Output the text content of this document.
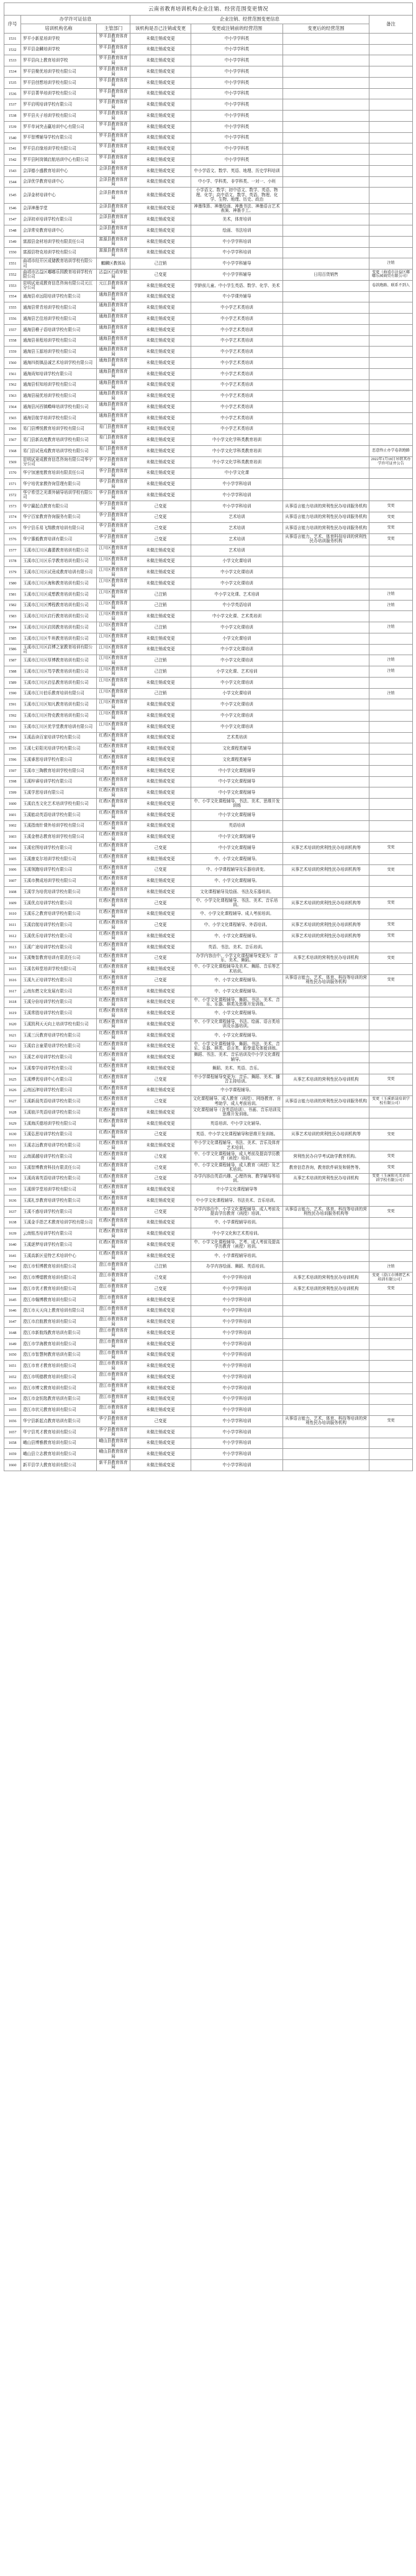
云南省教育培训机构企业注销、经营范围变更情况						
序号	办学许可证信息		企业注销、经营范围变更信息			备注
	培训机构名称	主管部门	该机构是否己注销或变更	变更或注销前的经营范围	变更后的经营范围	
1531	罗平小新星培训学校	罗平县教育体育局	未做注销或变更	中小学学科类		
1532	罗平县金麟培训学校	罗平县教育体育局	未做注销或变更	中小学学科类		
1533	罗平县向上教育培训学校	罗平县教育体育局	未做注销或变更	中小学学科类		
1534	罗平县聚优培训学校有限公司	罗平县教育体育局	未做注销或变更	中小学学科类		
1535	罗平县创想培训学校有限公司	罗平县教育体育局	未做注销或变更	中小学学科类		
1536	罗平县菁华培训学校有限公司	罗平县教育体育局	未做注销或变更	中小学学科类		
1537	罗平启明培训学校有限公司	罗平县教育体育局	未做注销或变更	中小学学科类		
1538	罗平县夫子培训学校有限公司	罗平县教育体育局	未做注销或变更	中小学学科类		
1539	罗平单词突击赢培训中心有限公司	罗平县教育体育局	未做注销或变更	中小学学科类		
1540	罗平智博辅导学校有限公司	罗平县教育体育局	未做注销或变更	中小学学科类		
1541	罗平县启缘培训学校有限公司	罗平县教育体育局	未做注销或变更	中小学学科类		
1542	罗平县阿岗镇启航培训中心有限公司	罗平县教育体育局	未做注销或变更	中小学学科类		
1543	会泽德小盛教育培训中心	会泽县教育体育局	未做注销或变更	中小学语文、数学、英语、地理、历史学科培训		
1544	会泽优学教育培训中心	会泽县教育体育局	未做注销或变更	中小学、学科类、非学科类、一对一、小班		
1545	会泽金材培训中心	会泽县教育体育局	未做注销或变更	小学语文、数学；初中语文、数学、英语、物理、化学；高中语文、数学、英语、物理、化学、生物、地理、历史、政治		
1546	会泽神墨学堂	会泽县教育体育局	未做注销或变更	神墨珠算、神墨绘画、神墨书法、神墨语言艺术表演、神墨手工。		
1547	会泽初卓培训学校有限公司	会泽县教育体育局	未做注销或变更	美术，体育培训		
1548	会泽常安教育培训中心	会泽县教育体育局	未做注销或变更	绘画、书法培训		
1549	富源县金材培训学校有限责任公司	富源县教育体育局	未做注销或变更	中小学学科培训		
1550	富源县特克培训学校有限公司	富源县教育体育局	未做注销或变更	中小学学科培训		
1551	曲靖市经开区成储教育培训学校有限公司	麒麟区教体局	己注销	中小学学科辅导		注销
1552	曲靖市沾益区嘟嘟乐园教育培训学校有限公司	沾益区行政审批局	己变更	中小学学科辅导	日用百货销售	变更（曲靖市沾益区嘟嘟乐园商贸有限公司）
1553	昆明试竟成教育信息咨询有限公司元江分公司	元江县教育体育局	未做注销或变更	学龄前儿童、中小学生英语、数学、化学、美术		卷款跑路、联系不到人
1554	通海县卓远阳培训学校有限公司	通海县教育体育局	未做注销或变更	中小学课外辅导		
1555	通海县常青培训学校有限公司	通海县教育体育局	未做注销或变更	中小学艺术类培训		
1556	通海县艺佳培训学校有限公司	通海县教育体育局	未做注销或变更	中小学艺术类培训		
1557	通海县稚子语培训学校有限公司	通海县教育体育局	未做注销或变更	中小学艺术类培训		
1558	通海县景程培训学校有限公司	通海县教育体育局	未做注销或变更	中小学艺术类培训		
1559	通海县玉源培训学校有限公司	通海县教育体育局	未做注销或变更	中小学艺术类培训		
1560	通海四街镇品诚艺术培训学校有限公司	通海县教育体育局	未做注销或变更	中小学艺术类培训		
1561	通海尚知培训学校有限公司	通海县教育体育局	未做注销或变更	中小学艺术类培训		
1562	通海县恒知培训学校有限公司	通海县教育体育局	未做注销或变更	中小学艺术类培训		
1563	通海县展优培训学校有限公司	通海县教育体育局	未做注销或变更	中小学艺术类培训		
1564	通海县河西镇蝶峰培训学校有限公司	通海县教育体育局	未做注销或变更	中小学艺术类培训		
1565	通海县航学培训学校有限公司	通海县教育体育局	未做注销或变更	中小学艺术类培训		
1566	易门县博悦教育培训学校有限公司	易门县教育体育局	未做注销或变更	中小学艺术类培训		
1567	易门县新高度教育培训学校有限公司	易门县教育体育局	未做注销或变更	中小学文化学科类教育培训		
1568	易门县试竟成教育培训学校有限公司	易门县教育体育局	未做注销或变更	中小学文化学科类教育培训		恶意终止办学卷款跑路
1569	昆明试竟成教育信息咨询有限公司华宁分公司	华宁县教育体育局	未做注销或变更	中小学文化学科类教育培训		2022年1月18日吊销其办学许可证并公告
1570	华宁加速度教育培训有限责任公司	华宁县教育体育局	未做注销或变更	中小学文化课		
1571	华宁培优家教咨询管理有限公司	华宁县教育体育局	未做注销或变更	中小学学科培训		
1572	华宁希望之光课外辅导培训学校有限公司	华宁县教育体育局	未做注销或变更	中小学学科培训		
1573	华宁赢起点教育有限公司	华宁县教育体育局	己变更	中小学学科培训	从事语言能力培训的营利性民办培训服务机构	变更
1574	华宁百家教育咨询服务有限公司	华宁县教育体育局	己变更	艺术培训	从事语言能力培训的营利性民办培训服务机构	变更
1575	华宁县乐易飞翔教育培训有限公司	华宁县教育体育局	己变更	艺术培训	从事语言能力培训的营利性民办培训服务机构	变更
1576	华宁惠毅教育培训有限公司	华宁县教育体育局	己变更	艺术培训	从事语言能力、艺术、体育科技培训的营利性民办培训服务机构	变更
1577	玉溪市江川区鑫蕾教育培训有限公司	江川区教育体育局	未做注销或变更	艺术培训		
1578	玉溪市江川区乐学教育培训有限公司	江川区教育体育局	未做注销或变更	小学文化课培训		
1579	玉溪市江川区试竟成教育培训有限公司	江川区教育体育局	未做注销或变更	中小学文化课培训		
1580	玉溪市江川区海和教育培训有限公司	江川区教育体育局	未做注销或变更	中小学文化课培训		
1581	玉溪市江川区成想教育培训有限公司	江川区教育体育局	己注销	中小学文化课、艺术培训		注销
1582	玉溪市江川区博程教育培训有限公司	江川区教育体育局	己注销	中小学英语培训		注销
1583	玉溪市江川区启行教育培训有限公司	江川区教育体育局	未做注销或变更	中小学文化课、艺术类培训		
1584	玉溪市江川区启园教育培训有限公司	江川区教育体育局	己注销	中小学文化课培训		注销
1585	玉溪市江川区牛班教育培训有限公司	江川区教育体育局	未做注销或变更	小学文化课培训		
1586	玉溪市江川区启博之家教育培训有限公司	江川区教育体育局	未做注销或变更	中小学文化课培训		
1587	玉溪市江川区厚博教育培训有限公司	江川区教育体育局	己注销	中小学文化课培训		注销
1588	玉溪市江川区笃学教育培训有限公司	江川区教育体育局	己注销	小学文化课、艺术培训		注销
1589	玉溪市江川区启弘教育培训有限公司	江川区教育体育局	未做注销或变更	中小学文化课培训		
1590	玉溪市江川伯乐教育培训有限公司	江川区教育体育局	己注销	小学文化课培训		注销
1591	玉溪市江川区知凡教育培训有限公司	江川区教育体育局	未做注销或变更	中小学文化课培训		
1592	玉溪市江川区特克教育培训有限公司	江川区教育体育局	未做注销或变更	中小学文化课培训		
1593	玉溪市江川区优学堂教育培训有限公司	江川区教育体育局	未做注销或变更	中小学文化课培训		
1594	玉溪品读百家培训学校有限公司	红塔区教育体育局	未做注销或变更	艺术类培训		
1595	玉溪七彩阳光培训学校有限公司	红塔区教育体育局	未做注销或变更	文化课程类辅导		
1596	玉溪睿思培训学校有限公司	红塔区教育体育局	未做注销或变更	文化课程类辅导		
1597	玉溪市三陶教育培训学校有限公司	红塔区教育体育局	未做注销或变更	中小学文化课程辅导		
1598	玉溪梓睿培训学校有限公司	红塔区教育体育局	未做注销或变更	中小学文化课程辅导		
1599	玉溪学思培训有限公司	红塔区教育体育局	未做注销或变更	中小学文化课程辅导		
1600	玉溪启杰文化艺术培训学校有限公司	红塔区教育体育局	未做注销或变更	中、小学文化课程辅导、书法、美术、思维开发训练		
1601	玉溪能动英语培训学校有限公司	红塔区教育体育局	未做注销或变更	中小学文化课程辅导		
1602	玉溪指南针课外培训学校有限公司	红塔区教育体育局	未做注销或变更	英语培训		
1603	玉溪金榜志教育培训学校有限公司	红塔区教育体育局	未做注销或变更	中小学文化课程辅导		
1604	玉溪宏图培训学校有限公司	红塔区教育体育局	己变更	中小学文化课程辅导	从事艺术培训的营利性民办培训机构等	变更
1605	玉溪康克尔培训学校有限公司	红塔区教育体育局	未做注销或变更	中、小学文化课程辅导。		
1606	玉溪领跑培训学校有限公司	红塔区教育体育局	己变更	中、小学课程辅导及乐器培训变。	从事艺术培训的营利性民办培训机构等	变更
1607	玉溪市携成培训学校有限公司	红塔区教育体育局	未做注销或变更	中、小学文化课程辅导。		
1608	玉溪学为培优培训学校有限公司	红塔区教育体育局	未做注销或变更	文化课程辅导及绘画、书法及乐器培训。		
1609	玉溪优点培训学校有限公司	红塔区教育体育局	己变更	中、小学文化课程辅导、书法、美术、音乐培训。	从事艺术培训的营利性民办培训机构等	变更
1610	玉溪乐之教育培训学校有限公司	红塔区教育体育局	未做注销或变更	中、小学文化课程辅导、成人考前培训。		
1611	玉溪启航培训学校有限公司	红塔区教育体育局	己变更	中、小学文化课程辅导、外语培训。	从事艺术培训的营利性民办培训机构等	变更
1612	玉溪优乐培训学校有限公司	红塔区教育体育局	未做注销或变更	中、小学文化课程辅导。	从事艺术培训的营利性民办培训机构等	变更
1613	玉溪广途培训学校有限公司	红塔区教育体育局	未做注销或变更	英语、书法、美术、音乐培训。		
1614	玉溪集智教育培训有限责任公司	红塔区教育体育局	己变更	办学内容由中、小学文化课程辅导变更为：音乐、美术、舞蹈。	从事艺术培训的营利性民办培训机构	变更
1615	玉溪名师堂培训学校有限公司	红塔区教育体育局	未做注销或变更	中、小学文化课程辅导及美术、舞蹈、音乐等艺术培训。		
1616	玉溪九正培训学校有限公司	红塔区教育体育局	己变更	中、小学文化课程辅导。	从事语言能力、艺术、体育、科技等培训的营利性民办培训服务机构	变更
1617	云南东燃文化发展有限公司	红塔区教育体育局	未做注销或变更	中、小学文化课程辅导。		
1618	玉溪分倍培训学校有限公司	红塔区教育体育局	未做注销或变更	中、小学文化课程辅导，舞蹈、书法、美术、音乐、乐器、棋类及思维开发训练。		
1619	玉溪常胜培训学校有限公司	红塔区教育体育局	未做注销或变更	中、小学文化课程辅导。		
1620	玉溪凯利天天向上培训学校有限公司	红塔区教育体育局	未做注销或变更	中、小学文化课程辅导、书法、绘画、语言类培训及乐器培训。		
1621	玉溪三沅教育培训学校有限公司	红塔区教育体育局	未做注销或变更	中、小学文化课程辅导。		
1622	玉溪启言童蒙培训学校有限公司	红塔区教育体育局	未做注销或变更	中、小学文化课程辅导，舞蹈、书法、美术、音乐、乐器、棋类、语言类、跆拳道及体能训练。		
1623	玉溪艺卓培训学校有限公司	红塔区教育体育局	未做注销或变更	舞蹈、书法、美术、音乐培训及中小学文化课程辅导。		
1624	玉溪秦学培训学校有限公司	红塔区教育体育局	未做注销或变更	舞蹈、美术、英语、音乐。		
1625	玉溪博优培训中心有限公司	红塔区教育体育局	己变更	中小学课程辅导变更为：音乐、舞蹈、美术、播音主持培训。	从事艺术培训的营利性民办培训机构	变更
1626	云南远津培训学校有限公司	红塔区教育体育局	未做注销或变更	中小学课程辅导。		
1627	玉溪新晨英语培训学校有限公司	红塔区教育体育局	己变更	文化课程辅导、成人教育（函授）、网络教育、自考助学、成人考前培训。	从事语言能力培训的营利性民办培训服务机构	变更（玉溪新晟培训学校有限公司）
1628	玉溪彼洋英语培训学校有限公司	红塔区教育体育局	未做注销或变更	文化课程辅导（含英语培训）、书画、音乐培训及思维开发训练。		
1629	玉溪海沃德培训学校有限公司	红塔区教育体育局	未做注销或变更	英语培训、中小学文化辅导。		
1630	玉溪弘思培训学校有限公司	红塔区教育体育局	己变更	英语、中小学文化课程辅导和思维开发训练。	从事艺术培训的营利性民办培训机构等	变更
1631	玉溪志远教育培训学校有限公司	红塔区教育体育局	未做注销或变更	中小学文化课程辅导、书法、美术、音乐及体育艺术培训。		
1632	云南溪越培训学校有限公司	红塔区教育体育局	己变更	中、小学文化课程辅导，成人考前及提高学历教育（函授）培训。	营利性民办自学考试助学教育机构。	变更
1633	玉溪智博教育科技有限责任公司	红塔区教育体育局	己变更	中、小学文化课程辅导，成人教育（函授）及艺术培训。	教育信息咨询，教育软件研发和销售等。	变更
1634	玉溪尚赛英语培训学校有限公司	红塔区教育体育局	己变更	办学内容由英语兴趣、心理咨询、教学辅导等培训。	从事艺术培训的营利性民办培训机构	变更（玉溪阳光美语培训学校有限公司）
1635	玉溪颂学堂培训学校有限公司	红塔区教育体育局	未做注销或变更	中小学文化课程辅导等		
1636	玉溪礼享教育培训学校有限公司	红塔区教育体育局	未做注销或变更	中小学文化课程辅导、书法美术、音乐培训。		
1637	玉溪不惑培训学校有限公司	红塔区教育体育局	己变更	办学内容由中、小学文化课程辅导，成人考前及提高学历教育（函授）培训。	从事语言能力、艺术、体育、科技等培训的营利性民办培训服务机构等	变更
1638	玉溪金手指艺术教育培训学校有限公司	红塔区教育体育局	未做注销或变更	中、小学课程辅导培训。		
1639	云南铭杰培训学校有限公司	红塔区教育体育局	未做注销或变更	中小学文化和艺术类培训。		
1640	玉溪逐梦培训学校有限公司	红塔区教育体育局	未做注销或变更	中、小学文化课程辅导、艺考、成人考前及提高学历教育（函授）培训。		
1641	玉溪高新区爱特艺术培训中心	红塔区教育体育局	未做注销或变更	中、小学课程辅导培训。		
1642	澄江市恒博教育培训有限公司	澄江市教育体育局	己注销	办学内容绘画、舞蹈、英语培训。		注销
1643	澄江市博熠教育培训有限公司	澄江市教育体育局	己变更	中小学学科培训	从事艺术培训的营利性民办培训机构	变更（澄江市博熠艺术培训有限公司）
1644	澄江市优才教育培训有限公司	澄江市教育体育局	己变更	中小学学科培训	从事艺术培训的营利性民办培训机构	变更
1645	澄江市翰博教育培训有限公司	澄江市教育体育局	未做注销或变更	中小学学科培训		
1646	澄江市天天向上教育培训有限公司	澄江市教育体育局	未做注销或变更	中小学学科培训		
1647	澄江市启航教育培训有限公司	澄江市教育体育局	未做注销或变更	中小学学科培训		
1648	澄江市新航线教育培训有限公司	澄江市教育体育局	未做注销或变更	中小学学科培训		
1649	澄江市学海教育培训有限公司	澄江市教育体育局	未做注销或变更	中小学学科培训		
1650	澄江市智慧树教育培训有限公司	澄江市教育体育局	未做注销或变更	中小学学科培训		
1651	澄江市育才教育培训有限公司	澄江市教育体育局	未做注销或变更	中小学学科培训		
1652	澄江市明德教育培训有限公司	澄江市教育体育局	未做注销或变更	中小学学科培训		
1653	澄江市博文教育培训有限公司	澄江市教育体育局	未做注销或变更	中小学学科培训		
1654	澄江市金钥匙教育培训有限公司	澄江市教育体育局	未做注销或变更	中小学学科培训		
1655	澄江市状元教育培训有限公司	澄江市教育体育局	未做注销或变更	中小学学科培训		
1656	华宁县新起点教育培训有限公司	华宁县教育体育局	己变更	中小学学科培训	从事语言能力、艺术、体育、科技等培训的营利性民办培训服务机构	变更
1657	华宁县英才教育培训有限公司	华宁县教育体育局	未做注销或变更	中小学学科培训		
1658	峨山县博雅教育培训有限公司	峨山县教育体育局	未做注销或变更	中小学学科培训		
1659	峨山县立志教育培训有限公司	峨山县教育体育局	未做注销或变更	中小学学科培训		
1660	新平县学大教育培训有限公司	新平县教育体育局	未做注销或变更	中小学学科培训		
